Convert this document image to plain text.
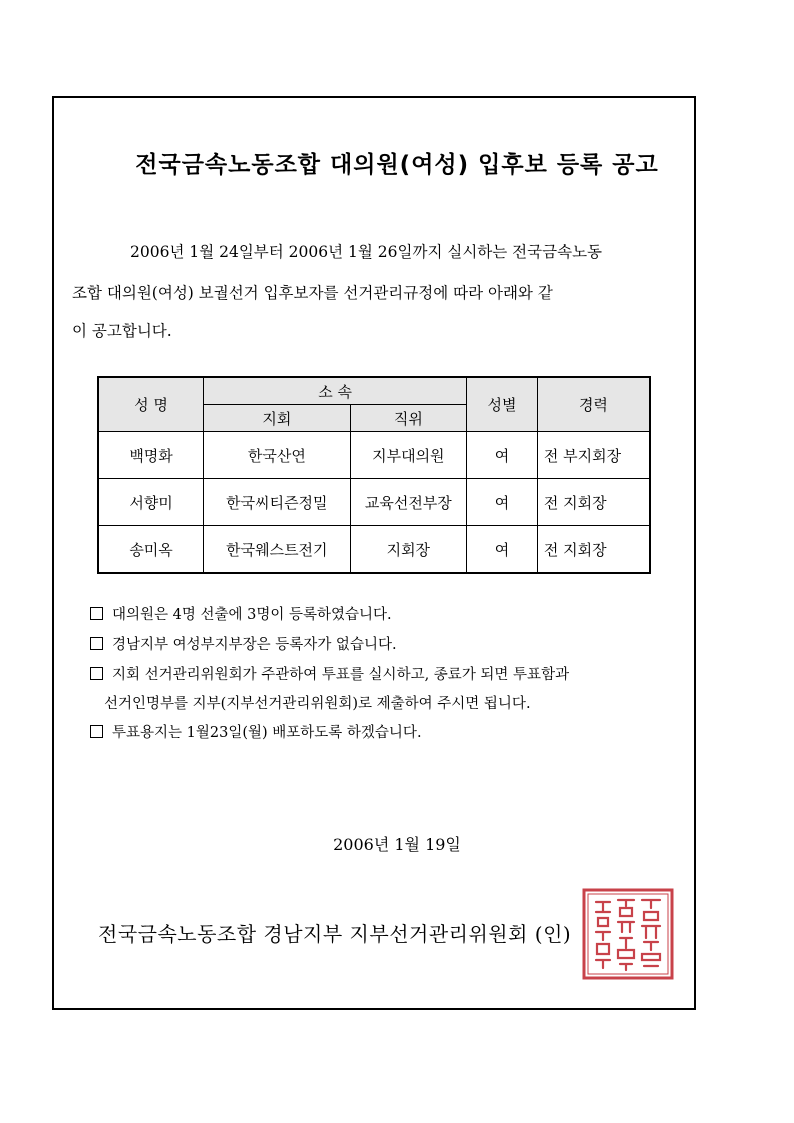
전국금속노동조합 대의원(여성) 입후보 등록 공고
2006년 1월 24일부터 2006년 1월 26일까지 실시하는 전국금속노동
조합 대의원(여성) 보궐선거 입후보자를 선거관리규정에 따라 아래와 같
이 공고합니다.
성 명	소 속		성별	경력
	지회	직위		
백명화	한국산연	지부대의원	여	전 부지회장
서향미	한국씨티즌정밀	교육선전부장	여	전 지회장
송미옥	한국웨스트전기	지회장	여	전 지회장
대의원은 4명 선출에 3명이 등록하였습니다.
경남지부 여성부지부장은 등록자가 없습니다.
지회 선거관리위원회가 주관하여 투표를 실시하고, 종료가 되면 투표함과
선거인명부를 지부(지부선거관리위원회)로 제출하여 주시면 됩니다.
투표용지는 1월23일(월) 배포하도록 하겠습니다.
2006년 1월 19일
전국금속노동조합 경남지부 지부선거관리위원회 (인)
